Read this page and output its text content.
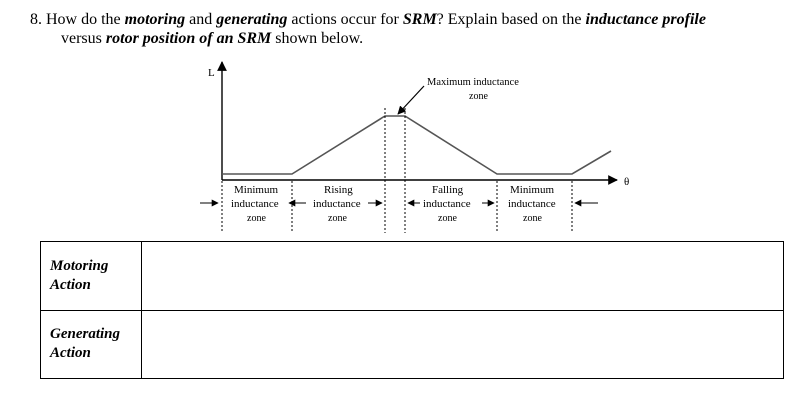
8. How do the motoring and generating actions occur for SRM? Explain based on the inductance profile
versus rotor position of an SRM shown below.
L
θ
Maximum inductance
zone
Minimum
inductance
zone
Rising
inductance
zone
Falling
inductance
zone
Minimum
inductance
zone
Motoring
Action	

Generating
Action	
